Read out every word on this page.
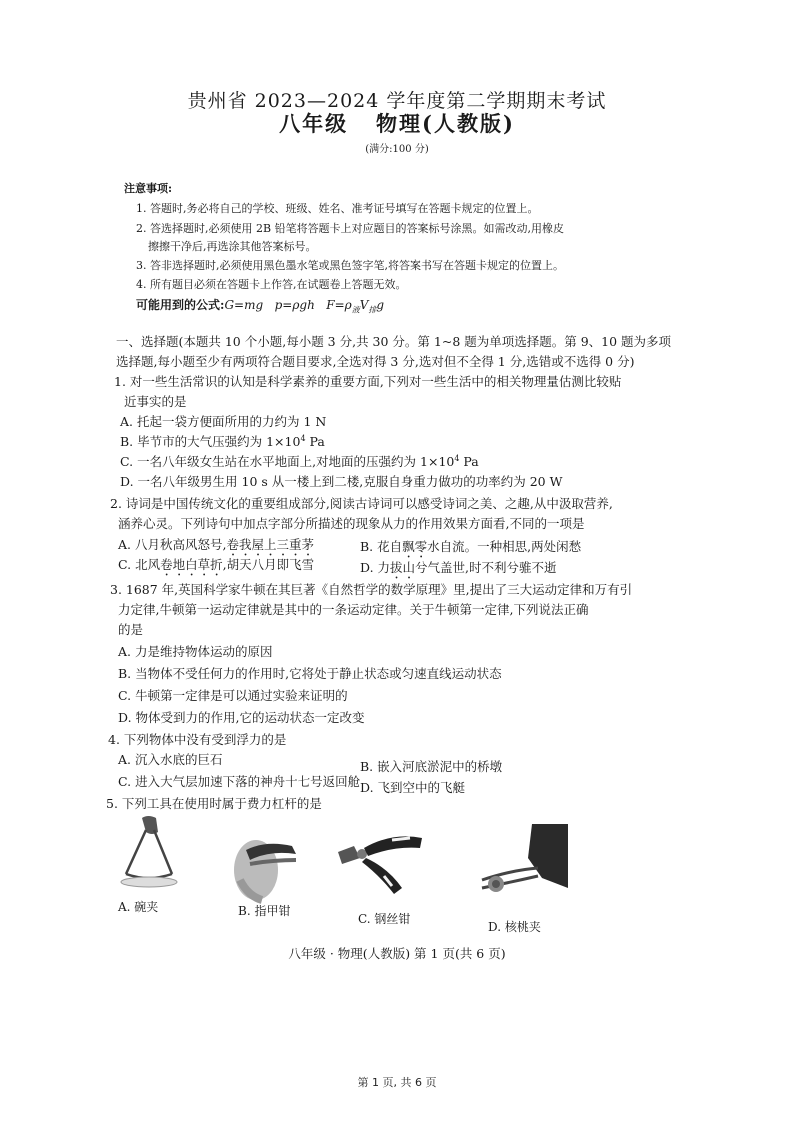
贵州省 2023—2024 学年度第二学期期末考试
八年级 物理(人教版)
(满分:100 分)
注意事项:
1. 答题时,务必将自己的学校、班级、姓名、准考证号填写在答题卡规定的位置上。
2. 答选择题时,必须使用 2B 铅笔将答题卡上对应题目的答案标号涂黑。如需改动,用橡皮
擦擦干净后,再选涂其他答案标号。
3. 答非选择题时,必须使用黑色墨水笔或黑色签字笔,将答案书写在答题卡规定的位置上。
4. 所有题目必须在答题卡上作答,在试题卷上答题无效。
可能用到的公式:G=mg p=ρgh $F=\rho_液V_排g$
一、选择题(本题共 10 个小题,每小题 3 分,共 30 分。第 1~8 题为单项选择题。第 9、10 题为多项
选择题,每小题至少有两项符合题目要求,全选对得 3 分,选对但不全得 1 分,选错或不选得 0 分)
1. 对一些生活常识的认知是科学素养的重要方面,下列对一些生活中的相关物理量估测比较贴
近事实的是
A. 托起一袋方便面所用的力约为 1 N
B. 毕节市的大气压强约为 $1\times 10^4$ Pa
C. 一名八年级女生站在水平地面上,对地面的压强约为 $1\times 10^4$ Pa
D. 一名八年级男生用 10 s 从一楼上到二楼,克服自身重力做功的功率约为 20 W
2. 诗词是中国传统文化的重要组成部分,阅读古诗词可以感受诗词之美、之趣,从中汲取营养,
涵养心灵。下列诗句中加点字部分所描述的现象从力的作用效果方面看,不同的一项是
A. 八月秋高风怒号,卷我屋上三重茅	B. 花自飘零水自流。一种相思,两处闲愁
C. 北风卷地白草折,胡天八月即飞雪	D. 力拔山兮气盖世,时不利兮骓不逝
3. 1687 年,英国科学家牛顿在其巨著《自然哲学的数学原理》里,提出了三大运动定律和万有引
力定律,牛顿第一运动定律就是其中的一条运动定律。关于牛顿第一定律,下列说法正确
的是
A. 力是维持物体运动的原因
B. 当物体不受任何力的作用时,它将处于静止状态或匀速直线运动状态
C. 牛顿第一定律是可以通过实验来证明的
D. 物体受到力的作用,它的运动状态一定改变
4. 下列物体中没有受到浮力的是
A. 沉入水底的巨石	B. 嵌入河底淤泥中的桥墩
C. 进入大气层加速下落的神舟十七号返回舱 D. 飞到空中的飞艇
5. 下列工具在使用时属于费力杠杆的是
A. 碗夹	B. 指甲钳
C. 钢丝钳
D. 核桃夹
八年级 · 物理(人教版) 第 1 页(共 6 页)
第 1 页, 共 6 页
